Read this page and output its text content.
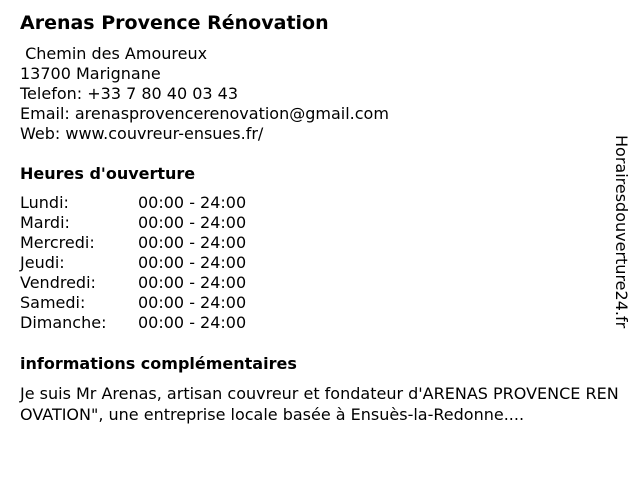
Arenas Provence Rénovation
Chemin des Amoureux
13700 Marignane
Telefon: +33 7 80 40 03 43
Email: arenasprovencerenovation@gmail.com
Web: www.couvreur-ensues.fr/
Heures d'ouverture
Lundi:	00:00 - 24:00
Mardi:	00:00 - 24:00
Mercredi:	00:00 - 24:00
Jeudi:	00:00 - 24:00
Vendredi:	00:00 - 24:00
Samedi:	00:00 - 24:00
Dimanche:	00:00 - 24:00
informations complémentaires
Je suis Mr Arenas, artisan couvreur et fondateur d'ARENAS PROVENCE RENOVATION", une entreprise locale basée à Ensuès-la-Redonne....
Horairesdouverture24.fr
